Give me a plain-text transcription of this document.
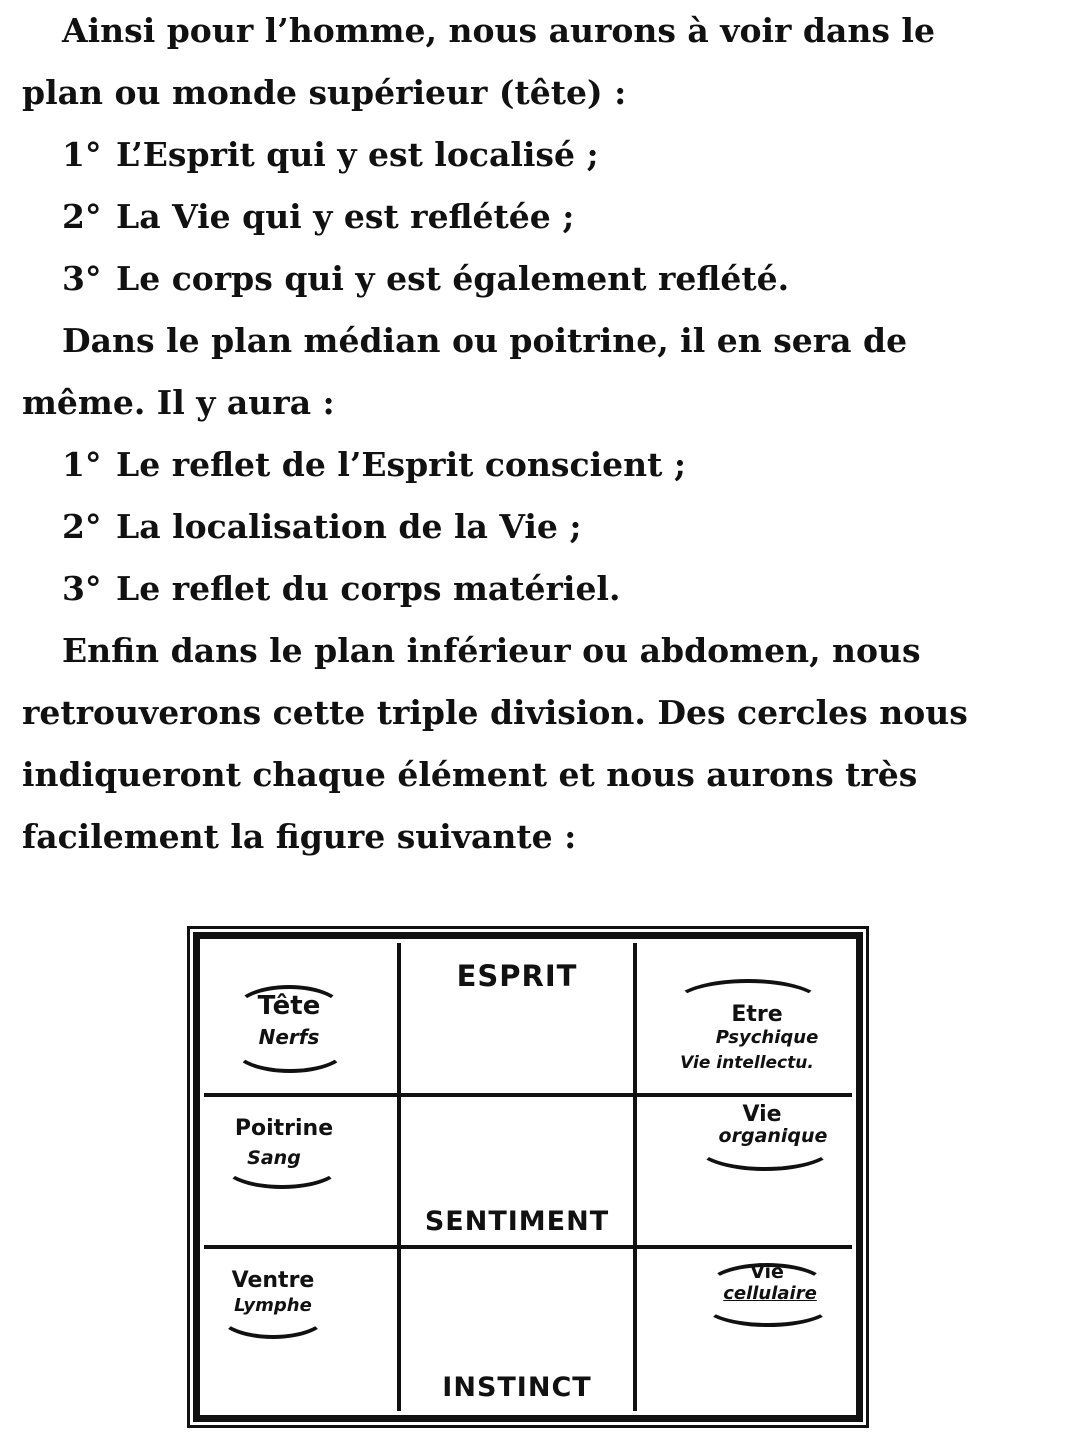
Ainsi pour l’homme, nous aurons à voir dans le
plan ou monde supérieur (tête) :
1° L’Esprit qui y est localisé ;
2° La Vie qui y est reflétée ;
3° Le corps qui y est également reflété.
Dans le plan médian ou poitrine, il en sera de
même. Il y aura :
1° Le reflet de l’Esprit conscient ;
2° La localisation de la Vie ;
3° Le reflet du corps matériel.
Enfin dans le plan inférieur ou abdomen, nous
retrouverons cette triple division. Des cercles nous
indiqueront chaque élément et nous aurons très
facilement la figure suivante :
Tête
Nerfs
ESPRIT
Etre
Psychique
Vie intellectu.
Poitrine
Sang
SENTIMENT
Vie
organique
Ventre
Lymphe
INSTINCT
Vie
cellulaire
